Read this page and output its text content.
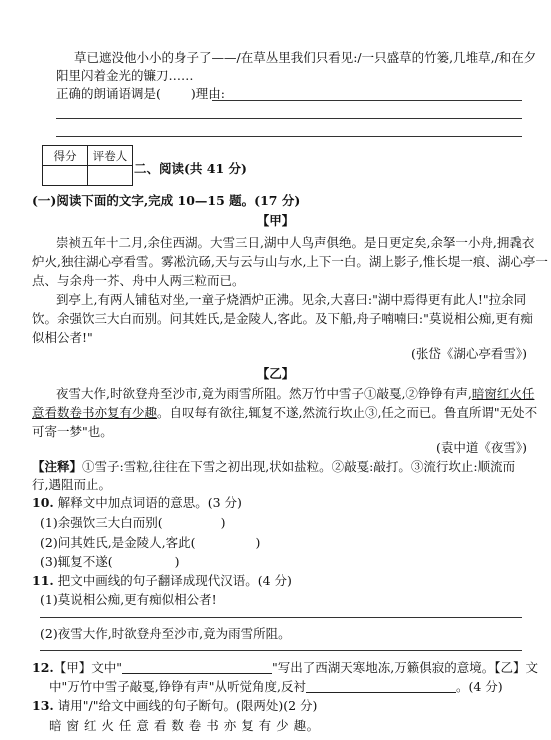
草已遮没他小小的身子了——/在草丛里我们只看见:/一只盛草的竹篓,几堆草,/和在夕
阳里闪着金光的镰刀……
正确的朗诵语调是( )理由:
得分	评卷人

二、阅读(共 41 分)
(一)阅读下面的文字,完成 10—15 题。(17 分)
【甲】
崇祯五年十二月,余住西湖。大雪三日,湖中人鸟声俱绝。是日更定矣,余拏一小舟,拥毳衣
炉火,独往湖心亭看雪。雾凇沆砀,天与云与山与水,上下一白。湖上影子,惟长堤一痕、湖心亭一
点、与余舟一芥、舟中人两三粒而已。
到亭上,有两人铺毡对坐,一童子烧酒炉正沸。见余,大喜曰:"湖中焉得更有此人!"拉余同
饮。余强饮三大白而别。问其姓氏,是金陵人,客此。及下船,舟子喃喃曰:"莫说相公痴,更有痴
似相公者!"
(张岱《湖心亭看雪》)
【乙】
夜雪大作,时欲登舟至沙市,竟为雨雪所阻。然万竹中雪子①敲戛,②铮铮有声,暗窗红火任
意看数卷书亦复有少趣。自叹每有欲往,辄复不遂,然流行坎止③,任之而已。鲁直所谓"无处不
可寄一梦"也。
(袁中道《夜雪》)
【注释】①雪子:雪粒,往往在下雪之初出现,状如盐粒。②敲戛:敲打。③流行坎止:顺流而
行,遇阻而止。
10. 解释文中加点词语的意思。(3 分)
(1)余强饮三大白而别(	)
(2)问其姓氏,是金陵人,客此(	)
(3)辄复不遂(	)
11. 把文中画线的句子翻译成现代汉语。(4 分)
(1)莫说相公痴,更有痴似相公者!
(2)夜雪大作,时欲登舟至沙市,竟为雨雪所阻。
12.【甲】文中"	"写出了西湖天寒地冻,万籁俱寂的意境。【乙】文
中"万竹中雪子敲戛,铮铮有声"从听觉角度,反衬	。(4 分)
13. 请用"/"给文中画线的句子断句。(限两处)(2 分)
暗 窗 红 火 任 意 看 数 卷 书 亦 复 有 少 趣。
